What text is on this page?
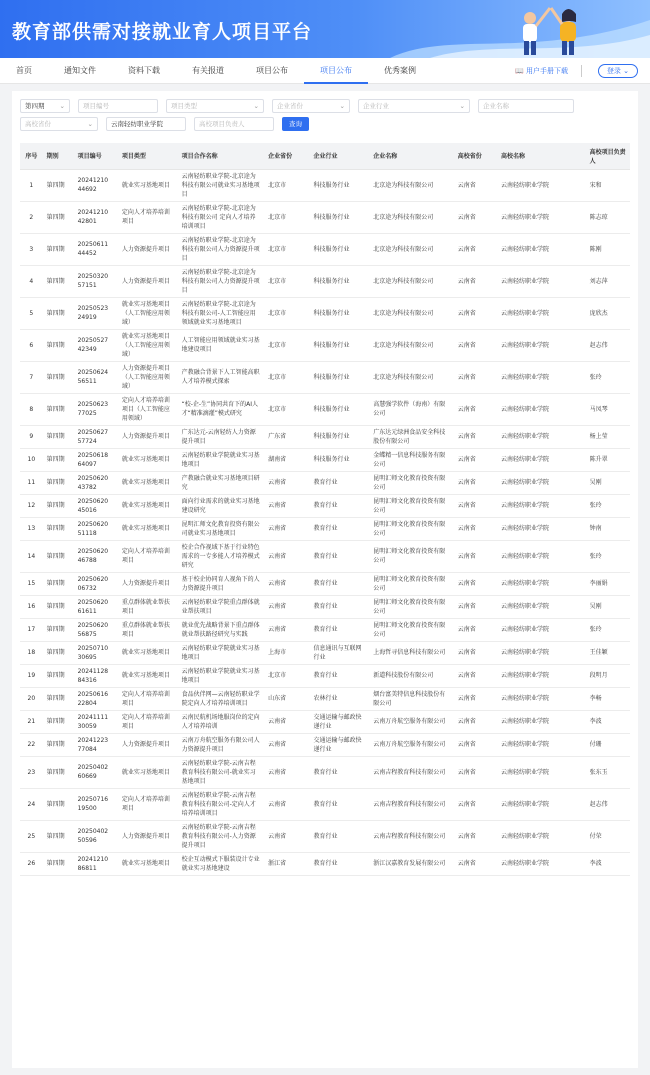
教育部供需对接就业育人项目平台
首页	通知文件	资料下载	有关报道	项目公布	项目公布	优秀案例	📖 用户手册下载	登录 ⌄
第四期 ⌄	项目编号	项目类型	⌄	企业省份	⌄	企业行业	⌄	企业名称
高校省份	⌄	云南轻纺职业学院	高校项目负责人	查询
序号	期别	项目编号	项目类型	项目合作名称	企业省份	企业行业	企业名称	高校省份	高校名称	高校项目负责人
1	第四期	20241210 44692	就业实习基地项目	云南轻纺职业学院-北京途为科技有限公司就业实习基地项目	北京市	科技服务行业	北京途为科技有限公司	云南省	云南轻纺职业学院	宋和
2	第四期	20241210 42801	定向人才培养培训项目	云南轻纺职业学院-北京途为科技有限公司 定向人才培养培训项目	北京市	科技服务行业	北京途为科技有限公司	云南省	云南轻纺职业学院	陈志琼
3	第四期	20250611 44452	人力资源提升项目	云南轻纺职业学院-北京途为科技有限公司人力资源提升项目	北京市	科技服务行业	北京途为科技有限公司	云南省	云南轻纺职业学院	陈刚
4	第四期	20250320 57151	人力资源提升项目	云南轻纺职业学院-北京途为科技有限公司人力资源提升项目	北京市	科技服务行业	北京途为科技有限公司	云南省	云南轻纺职业学院	刘志萍
5	第四期	20250523 24919	就业实习基地项目（人工智能应用领域）	云南轻纺职业学院-北京途为科技有限公司-人工智能应用领域就业实习基地项目	北京市	科技服务行业	北京途为科技有限公司	云南省	云南轻纺职业学院	庞欣杰
6	第四期	20250527 42349	就业实习基地项目（人工智能应用领域）	人工智能应用领域就业实习基地建设项目	北京市	科技服务行业	北京途为科技有限公司	云南省	云南轻纺职业学院	赵志伟
7	第四期	20250624 56511	人力资源提升项目（人工智能应用领域）	产教融合背景下人工智能高职人才培养模式探索	北京市	科技服务行业	北京途为科技有限公司	云南省	云南轻纺职业学院	张玲
8	第四期	20250623 77025	定向人才培养培训项目（人工智能应用领域）	“校-企-生”协同共育下的AI人才“精准滴灌”模式研究	北京市	科技服务行业	高慧强学软件（海南）有限公司	云南省	云南轻纺职业学院	马凤琴
9	第四期	20250627 57724	人力资源提升项目	广东达元-云南轻纺人力资源提升项目	广东省	科技服务行业	广东达元绿洲食品安全科技股份有限公司	云南省	云南轻纺职业学院	杨上莹
10	第四期	20250618 64097	就业实习基地项目	云南轻纺职业学院就业实习基地项目	湖南省	科技服务行业	金蝶精一信息科技服务有限公司	云南省	云南轻纺职业学院	陈升翠
11	第四期	20250620 43782	就业实习基地项目	产教融合就业实习基地项目研究	云南省	教育行业	昆明汇师文化教育投资有限公司	云南省	云南轻纺职业学院	吴刚
12	第四期	20250620 45016	就业实习基地项目	面向行业需求的就业实习基地建设研究	云南省	教育行业	昆明汇师文化教育投资有限公司	云南省	云南轻纺职业学院	张玲
13	第四期	20250620 51118	就业实习基地项目	昆明汇师文化教育投资有限公司就业实习基地项目	云南省	教育行业	昆明汇师文化教育投资有限公司	云南省	云南轻纺职业学院	钟南
14	第四期	20250620 46788	定向人才培养培训项目	校企合作视域下基于行业特色需求的一专多能人才培养模式研究	云南省	教育行业	昆明汇师文化教育投资有限公司	云南省	云南轻纺职业学院	张玲
15	第四期	20250620 06732	人力资源提升项目	基于校企协同育人视角下的人力资源提升项目	云南省	教育行业	昆明汇师文化教育投资有限公司	云南省	云南轻纺职业学院	李丽娟
16	第四期	20250620 61611	重点群体就业帮扶项目	云南轻纺职业学院重点群体就业帮扶项目	云南省	教育行业	昆明汇师文化教育投资有限公司	云南省	云南轻纺职业学院	吴刚
17	第四期	20250620 56875	重点群体就业帮扶项目	就业优先战略背景下重点群体就业帮扶路径研究与实践	云南省	教育行业	昆明汇师文化教育投资有限公司	云南省	云南轻纺职业学院	张玲
18	第四期	20250710 30695	就业实习基地项目	云南轻纺职业学院就业实习基地项目	上海市	信息通讯与互联网行业	上海哲寻信息科技有限公司	云南省	云南轻纺职业学院	王佳颖
19	第四期	20241128 84316	就业实习基地项目	云南轻纺职业学院就业实习基地项目	北京市	教育行业	新道科技股份有限公司	云南省	云南轻纺职业学院	段明月
20	第四期	20250616 22804	定向人才培养培训项目	食品伙伴网—云南轻纺职业学院定向人才培养培训项目	山东省	农林行业	烟台富美特信息科技股份有限公司	云南省	云南轻纺职业学院	李畅
21	第四期	20241111 30059	定向人才培养培训项目	云南民航机场地服岗位的定向人才培养培训	云南省	交通运输与邮政快递行业	云南万舟航空服务有限公司	云南省	云南轻纺职业学院	李波
22	第四期	20241223 77084	人力资源提升项目	云南万舟航空服务有限公司人力资源提升项目	云南省	交通运输与邮政快递行业	云南万舟航空服务有限公司	云南省	云南轻纺职业学院	付珊
23	第四期	20250402 60669	就业实习基地项目	云南轻纺职业学院-云南吉程教育科技有限公司-就业实习基地项目	云南省	教育行业	云南吉程教育科技有限公司	云南省	云南轻纺职业学院	张东玉
24	第四期	20250716 19500	定向人才培养培训项目	云南轻纺职业学院-云南吉程教育科技有限公司-定向人才培养培训项目	云南省	教育行业	云南吉程教育科技有限公司	云南省	云南轻纺职业学院	赵志伟
25	第四期	20250402 50596	人力资源提升项目	云南轻纺职业学院-云南吉程教育科技有限公司-人力资源提升项目	云南省	教育行业	云南吉程教育科技有限公司	云南省	云南轻纺职业学院	付荣
26	第四期	20241210 86811	就业实习基地项目	校企互动模式下服装设计专业就业实习基地建设	浙江省	教育行业	浙江汉嘉教育发展有限公司	云南省	云南轻纺职业学院	李波
